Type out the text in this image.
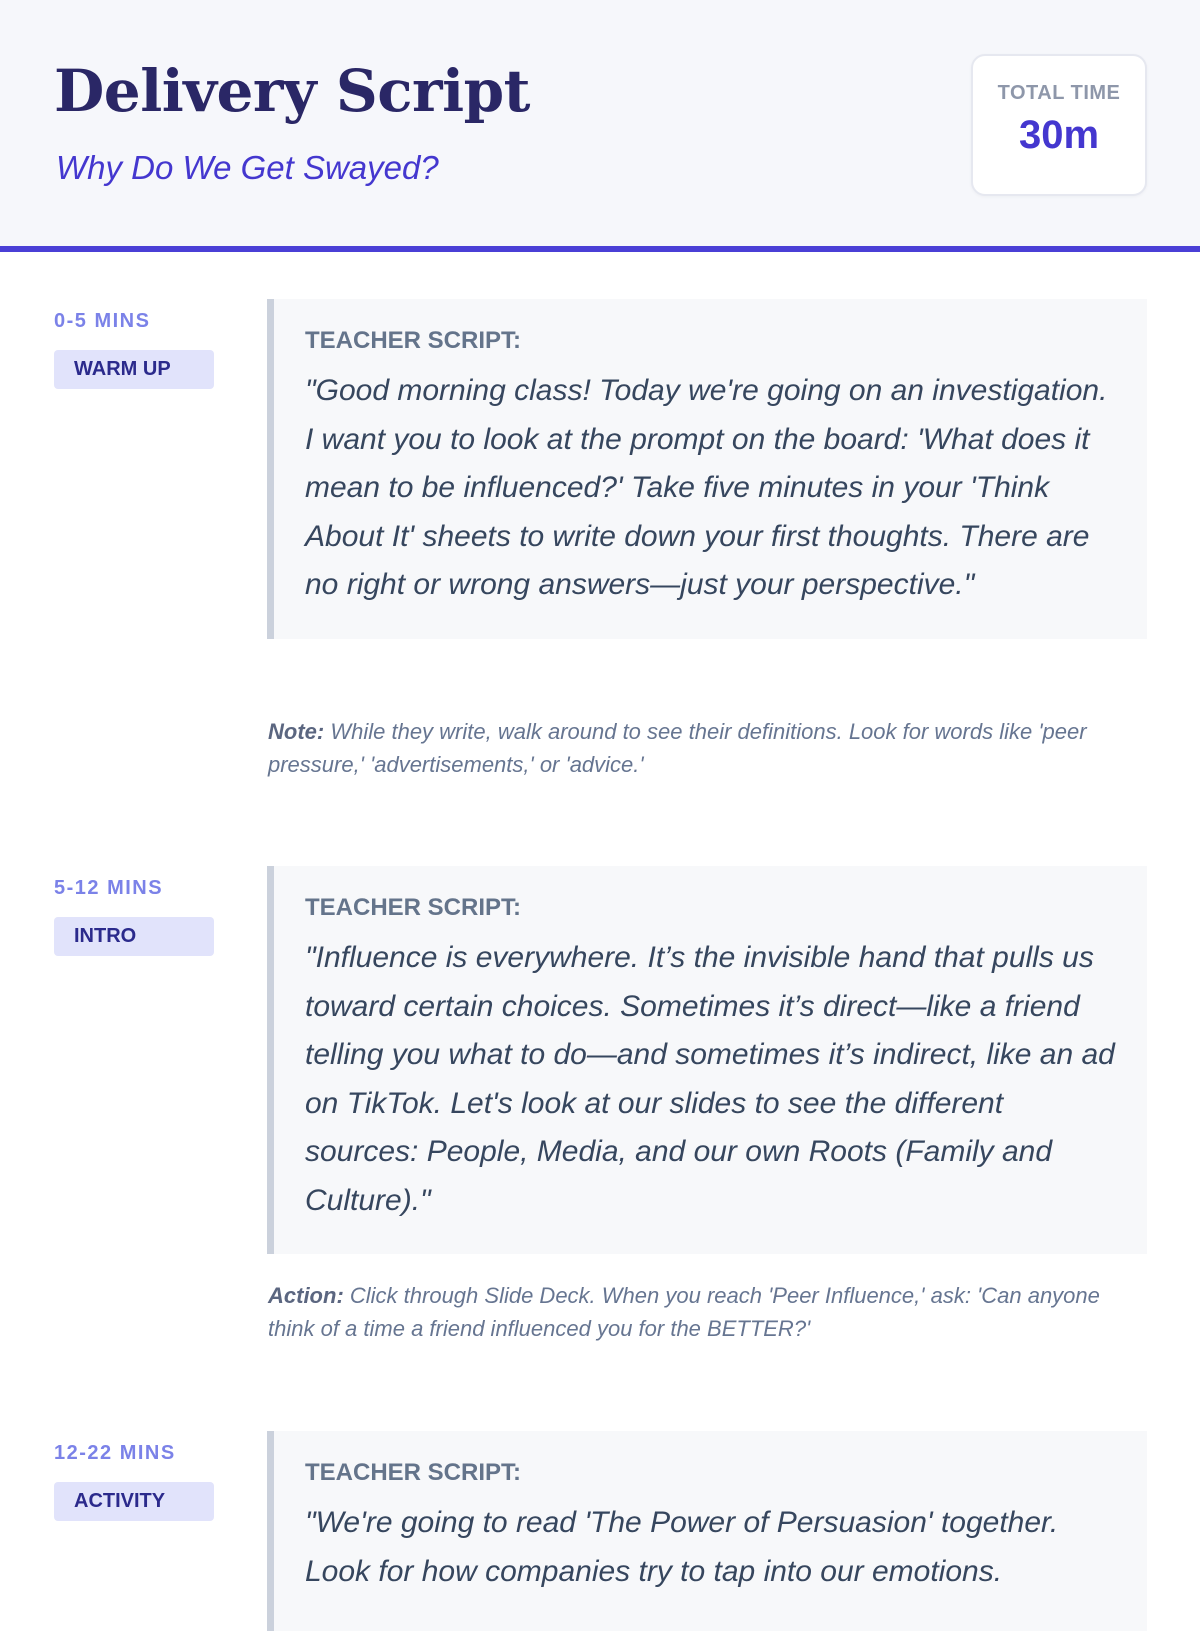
Delivery Script

Why Do We Get Swayed?

TOTAL TIME
30m
0-5 MINS
WARM UP
TEACHER SCRIPT:
"Good morning class! Today we're going on an investigation. I want you to look at the prompt on the board: 'What does it mean to be influenced?' Take five minutes in your 'Think About It' sheets to write down your first thoughts. There are no right or wrong answers—just your perspective."
Note: While they write, walk around to see their definitions. Look for words like 'peer pressure,' 'advertisements,' or 'advice.'
5-12 MINS
INTRO
TEACHER SCRIPT:
"Influence is everywhere. It’s the invisible hand that pulls us toward certain choices. Sometimes it’s direct—like a friend telling you what to do—and sometimes it’s indirect, like an ad on TikTok. Let's look at our slides to see the different sources: People, Media, and our own Roots (Family and Culture)."
Action: Click through Slide Deck. When you reach 'Peer Influence,' ask: 'Can anyone think of a time a friend influenced you for the BETTER?'
12-22 MINS
ACTIVITY
TEACHER SCRIPT:
"We're going to read 'The Power of Persuasion' together. Look for how companies try to tap into our emotions.
